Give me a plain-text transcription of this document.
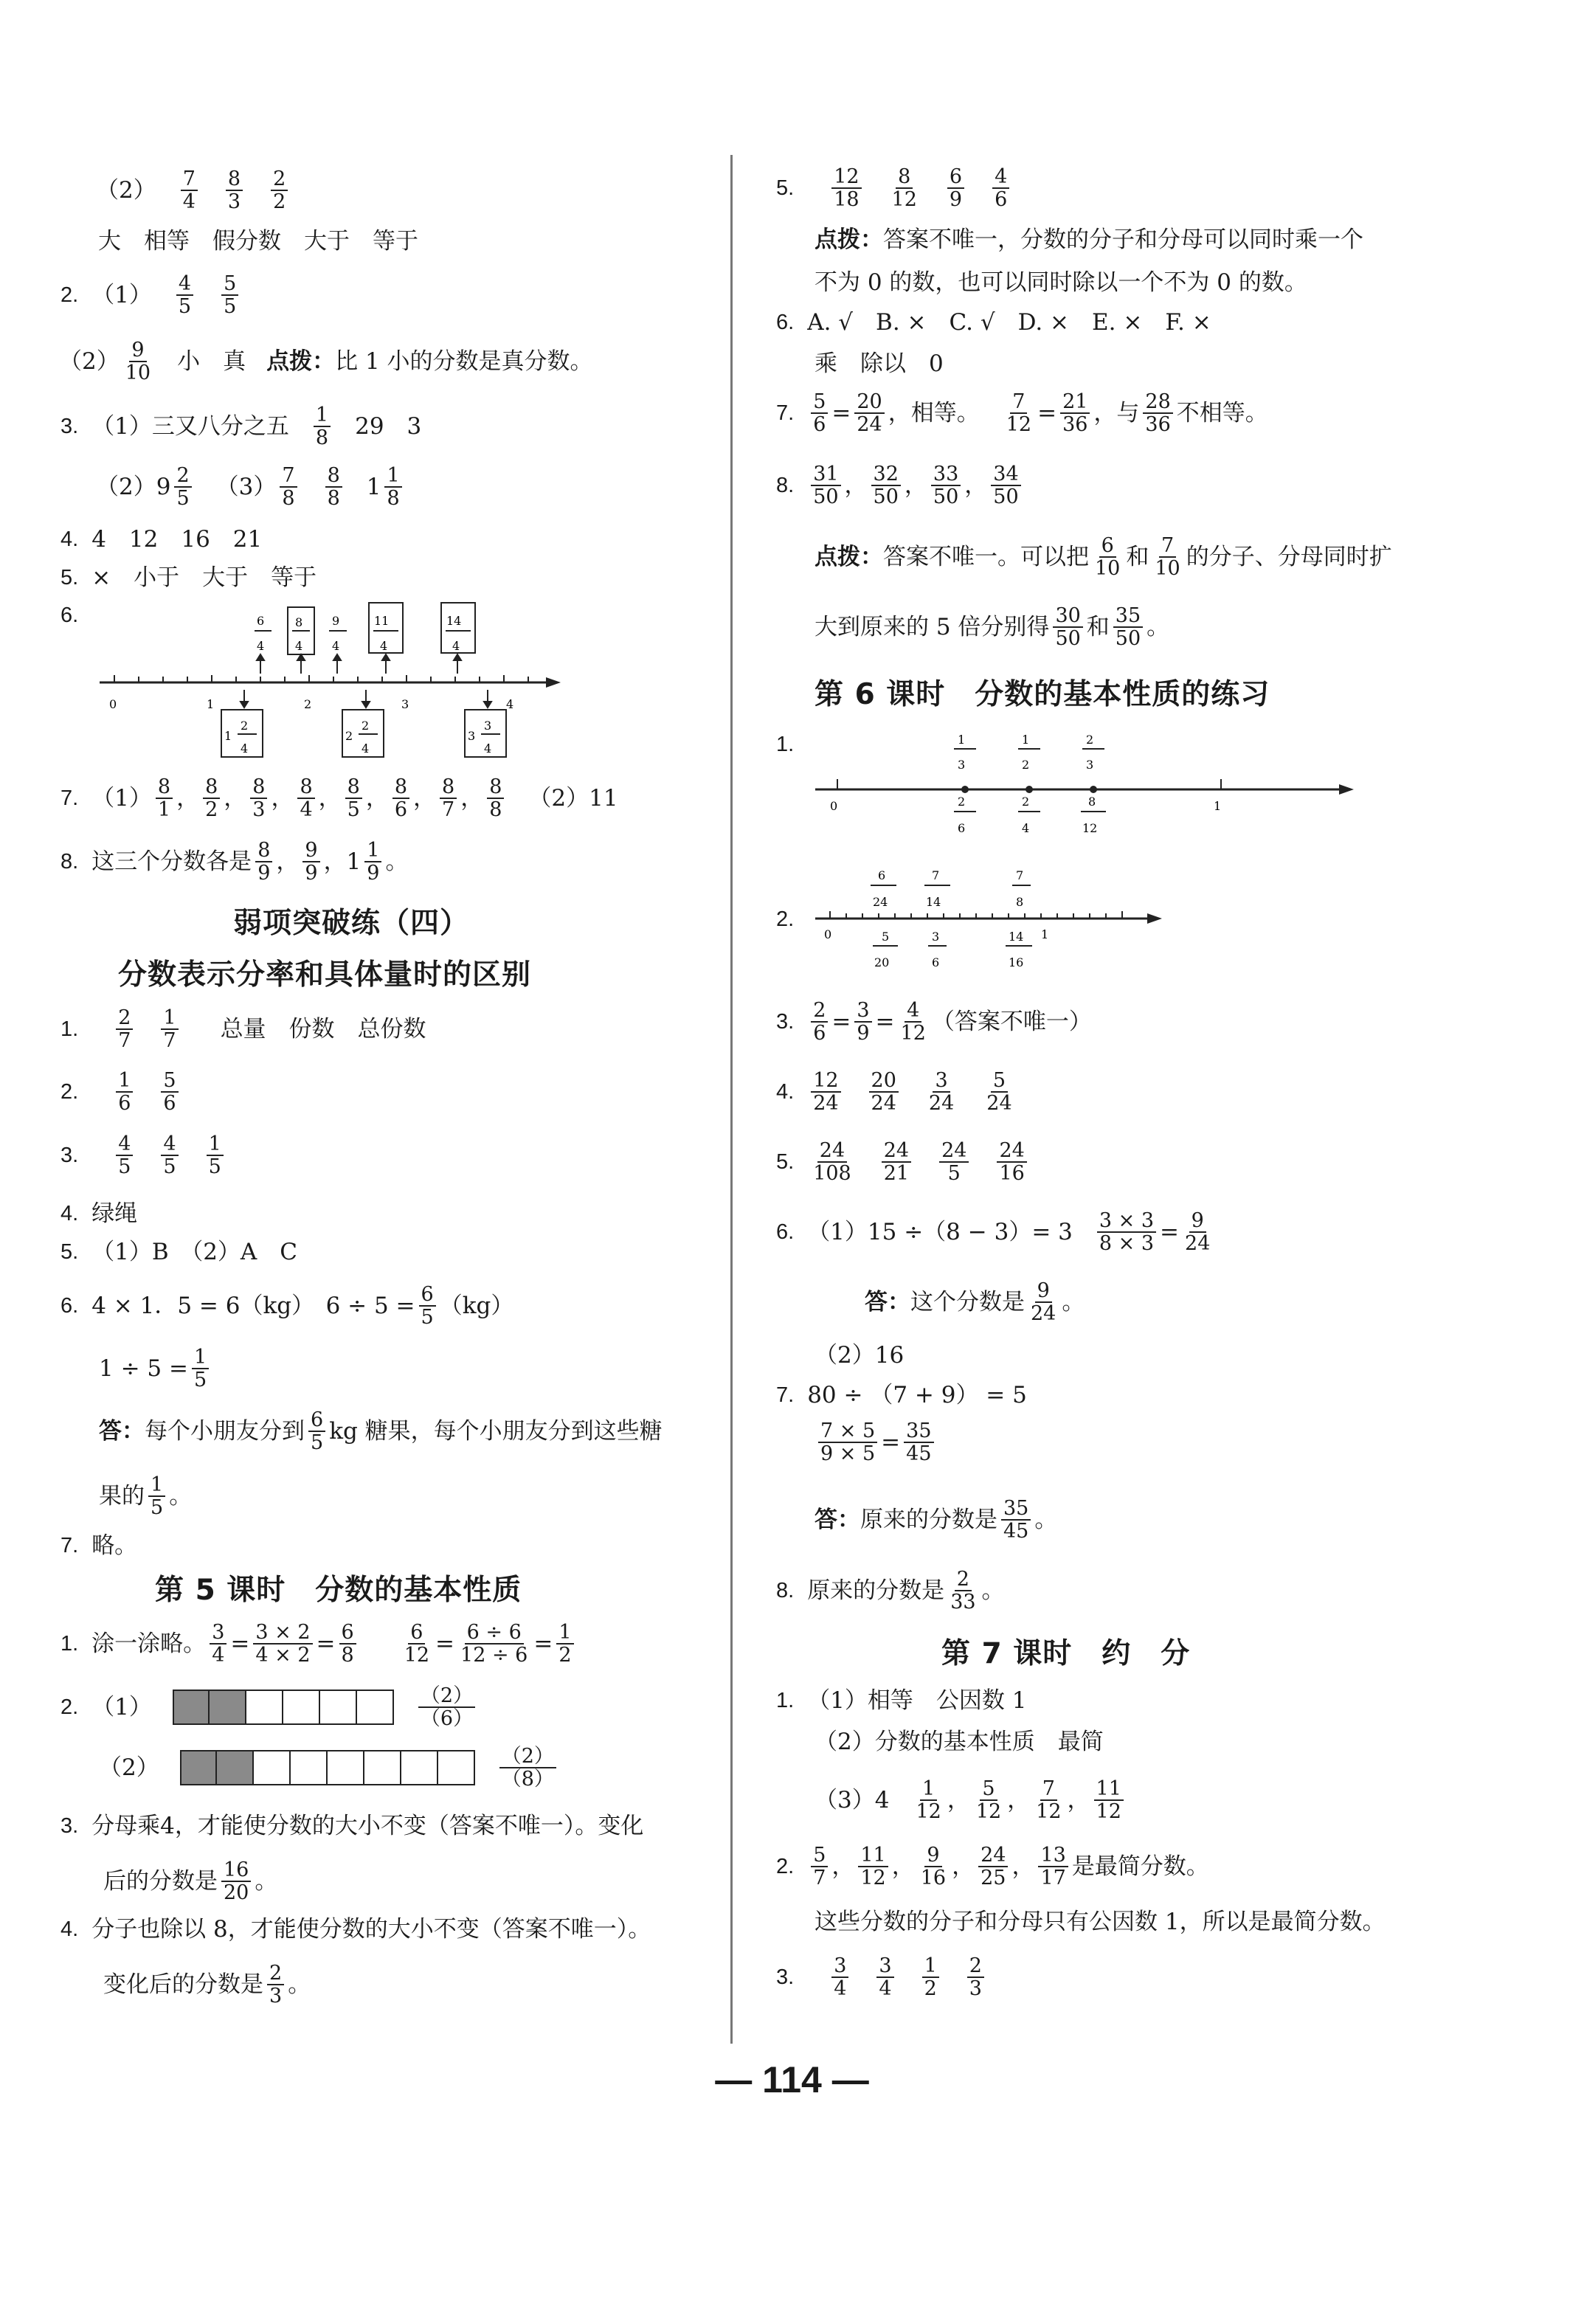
（2） 7
4
8
3
2
2
大　相等　假分数　大于　等于
2. （1） 4
5
5
5
（2） 9
10 小　真 点拨： 比 1 小的分数是真分数。
3. （1）三又八分之五 1
8 29　3
（2）9 2
5 （3） 7
8
8
8 1 1
8
4. 4　12　16　21
5. ×　小于　大于　等于
6.
0	1	2	3	4
6
4
8
4
9
4
11
4
14
4
1
2
4
2
2
4
3
3
4
7. （1） 8
1 ， 8
2 ， 8
3 ， 8
4 ， 8
5 ， 8
6 ， 8
7 ， 8
8 （2）11
8. 这三个分数各是 8
9 ， 9
9 ，1 1
9 。
弱项突破练（四）
分数表示分率和具体量时的区别
1. 2
7
1
7 总量　份数　总份数
2. 1
6
5
6
3. 4
5
4
5
1
5
4. 绿绳
5. （1）B　（2）A　C
6. 4 × 1．5 = 6（kg）　$6 \div 5 = \frac{6}{5} (kg)$
$1 \div 5 = \frac{1}{5}$
答： 每个小朋友分到 6
5 kg 糖果，每个小朋友分到这些糖
果的 1
5 。
7. 略。
第 5 课时　分数的基本性质
1. 涂一涂略。 $\frac{3}{4} = \frac{3 \times 2}{4 \times 2} = \frac{6}{8} \frac{6}{12} = \frac{6 \div 6}{12 \div 6} = \frac{1}{2}$
2. （1）	（2）
（6）
（2）	（2）
（8）
3. 分母乘4，才能使分数的大小不变（答案不唯一）。变化
后的分数是 16
20 。
4. 分子也除以 8，才能使分数的大小不变（答案不唯一）。
变化后的分数是 2
3 。
5. 12
18
8
12
6
9
4
6
点拨： 答案不唯一，分数的分子和分母可以同时乘一个
不为 0 的数，也可以同时除以一个不为 0 的数。
6. A. √　B. ×　C. √　D. ×　E. ×　F. ×
乘　除以　0
7. $\frac{5}{6} = \frac{20}{24}$ ，相等。 $\frac{7}{12} = \frac{21}{36}$ ，与 28
36 不相等。
8. 31
50 ， 32
50 ， 33
50 ， 34
50
点拨： 答案不唯一。可以把 6
10 和 7
10 的分子、分母同时扩
大到原来的 5 倍分别得 30
50 和 35
50 。
第 6 课时　分数的基本性质的练习
1.
0	1
1
3
1
2
2
3
2
6
2
4
8
12
2.
0	1
6
24
7
14
7
8
5
20
3
6
14
16
3. $\frac{2}{6} = \frac{3}{9} = \frac{4}{12}$ （答案不唯一）
4. 12
24
20
24
3
24
5
24
5. 24
108
24
21
24
5
24
16
6. $(1)15 \div(8 - 3)= 3 \frac{3 \times 3}{8 \times 3} = \frac{9}{24}$
答： 这个分数是 9
24 。
（2）16
7. 80 ÷ （7 + 9） = 5
$\frac{7 \times 5}{9 \times 5} = \frac{35}{45}$
答： 原来的分数是 35
45 。
8. 原来的分数是 2
33 。
第 7 课时　约　分
1. （1）相等　公因数 1
（2）分数的基本性质　最简
（3）4 1
12 ， 5
12 ， 7
12 ， 11
12
2. 5
7 ， 11
12 ， 9
16 ， 24
25 ， 13
17 是最简分数。
这些分数的分子和分母只有公因数 1，所以是最简分数。
3. 3
4
3
4
1
2
2
3
— 114 —
